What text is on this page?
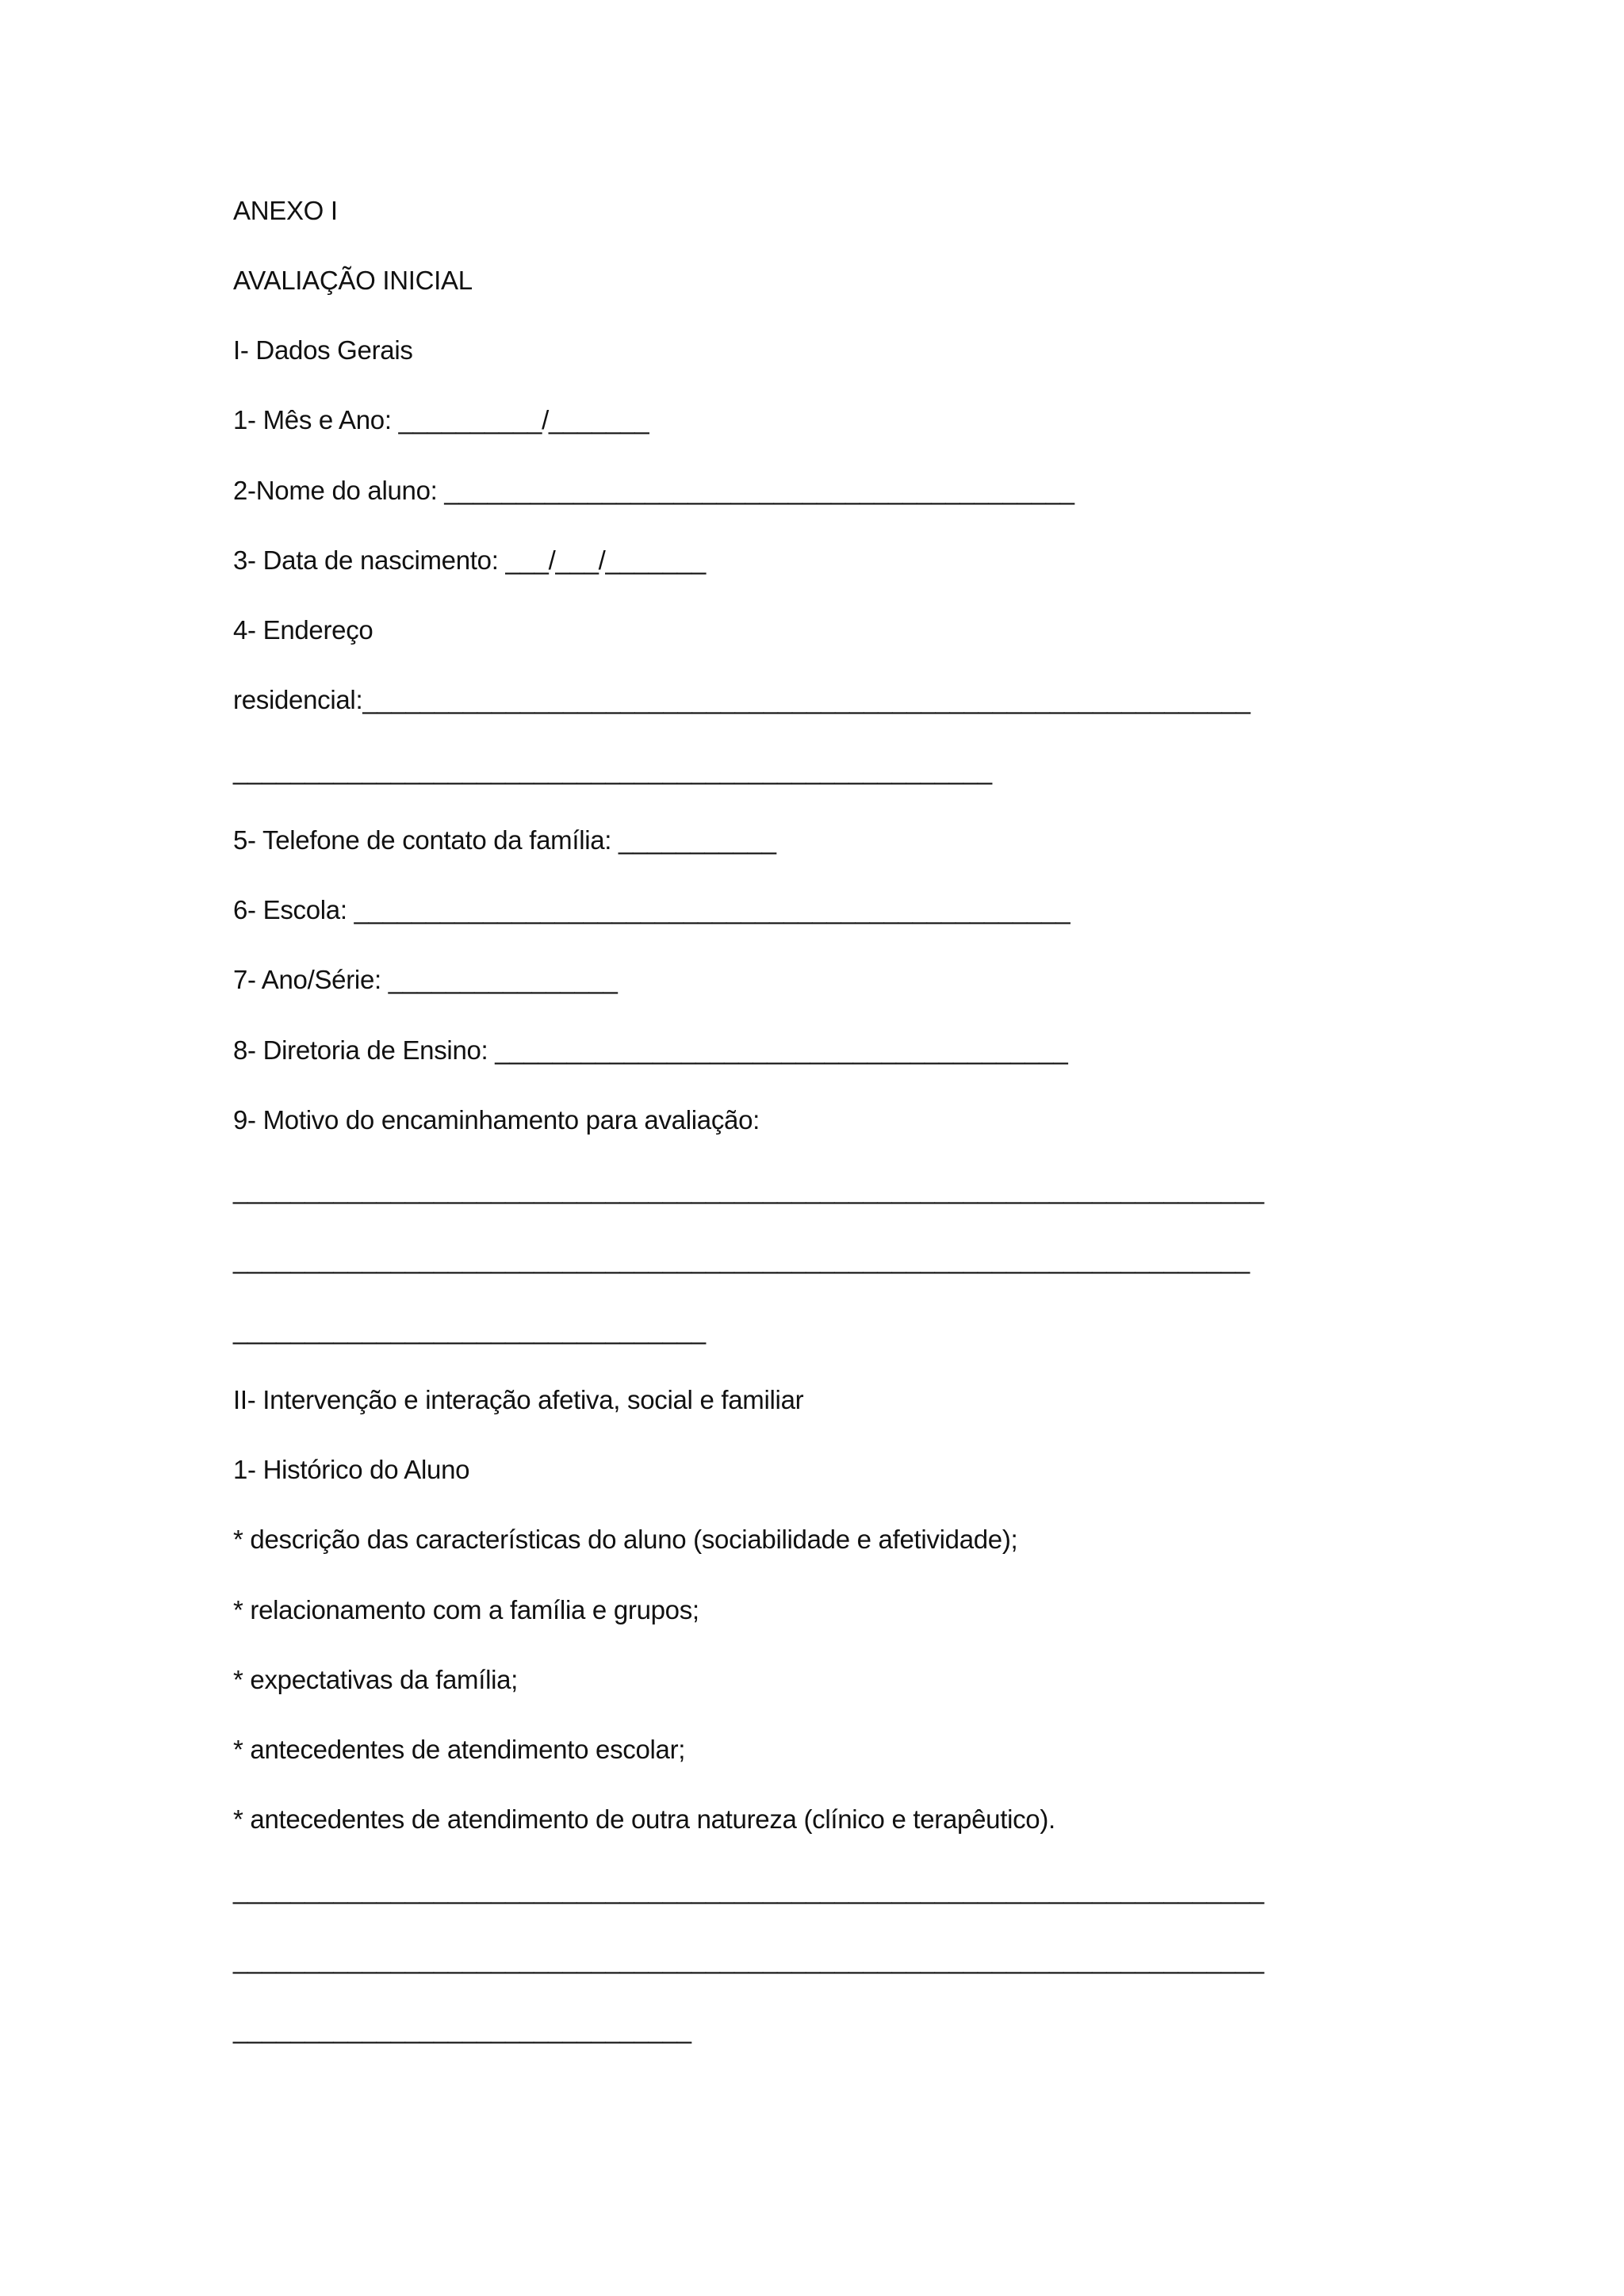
ANEXO I
AVALIAÇÃO INICIAL
I- Dados Gerais
1- Mês e Ano: __________/_______
2-Nome do aluno: ____________________________________________
3- Data de nascimento: ___/___/_______
4- Endereço
residencial:______________________________________________________________
_____________________________________________________
5- Telefone de contato da família: ___________
6- Escola: __________________________________________________
7- Ano/Série: ________________
8- Diretoria de Ensino: ________________________________________
9- Motivo do encaminhamento para avaliação:
________________________________________________________________________
_______________________________________________________________________
_________________________________
II- Intervenção e interação afetiva, social e familiar
1- Histórico do Aluno
* descrição das características do aluno (sociabilidade e afetividade);
* relacionamento com a família e grupos;
* expectativas da família;
* antecedentes de atendimento escolar;
* antecedentes de atendimento de outra natureza (clínico e terapêutico).
________________________________________________________________________
________________________________________________________________________
________________________________
